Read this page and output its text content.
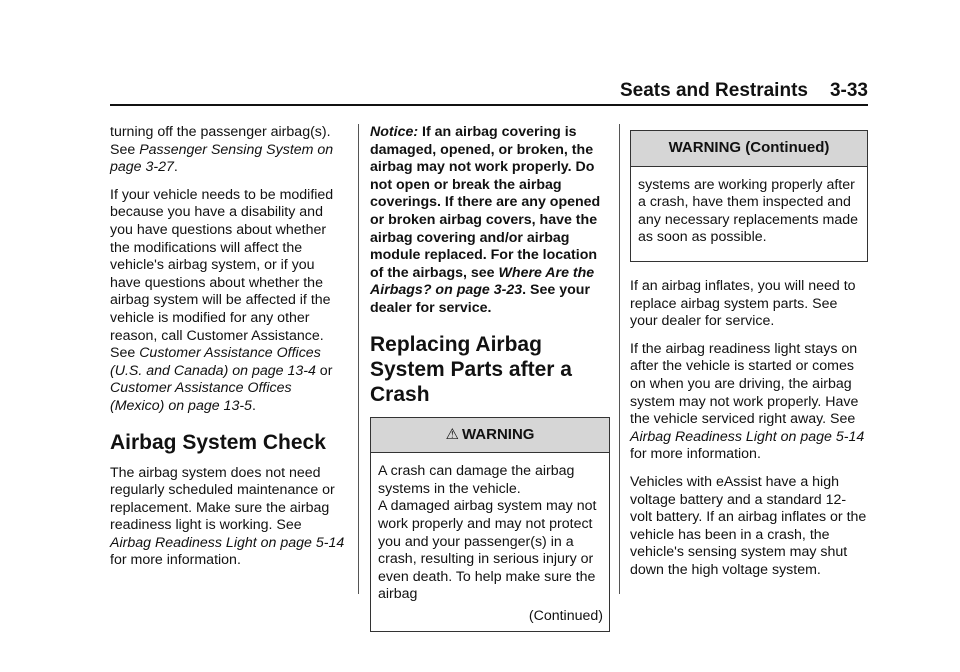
Seats and Restraints 3-33

turning off the passenger airbag(s). See Passenger Sensing System on page 3-27.

If your vehicle needs to be modified because you have a disability and you have questions about whether the modifications will affect the vehicle's airbag system, or if you have questions about whether the airbag system will be affected if the vehicle is modified for any other reason, call Customer Assistance. See Customer Assistance Offices (U.S. and Canada) on page 13-4 or Customer Assistance Offices (Mexico) on page 13-5.

Airbag System Check

The airbag system does not need regularly scheduled maintenance or replacement. Make sure the airbag readiness light is working. See Airbag Readiness Light on page 5-14 for more information.

Notice: If an airbag covering is damaged, opened, or broken, the airbag may not work properly. Do not open or break the airbag coverings. If there are any opened or broken airbag covers, have the airbag covering and/or airbag module replaced. For the location of the airbags, see Where Are the Airbags? on page 3-23. See your dealer for service.

Replacing Airbag System Parts after a Crash
⚠ WARNING
A crash can damage the airbag systems in the vehicle.
A damaged airbag system may not work properly and may not protect you and your passenger(s) in a crash, resulting in serious injury or even death. To help make sure the airbag
(Continued)
WARNING (Continued)
systems are working properly after a crash, have them inspected and any necessary replacements made as soon as possible.

If an airbag inflates, you will need to replace airbag system parts. See your dealer for service.

If the airbag readiness light stays on after the vehicle is started or comes on when you are driving, the airbag system may not work properly. Have the vehicle serviced right away. See Airbag Readiness Light on page 5-14 for more information.

Vehicles with eAssist have a high voltage battery and a standard 12-volt battery. If an airbag inflates or the vehicle has been in a crash, the vehicle's sensing system may shut down the high voltage system.
